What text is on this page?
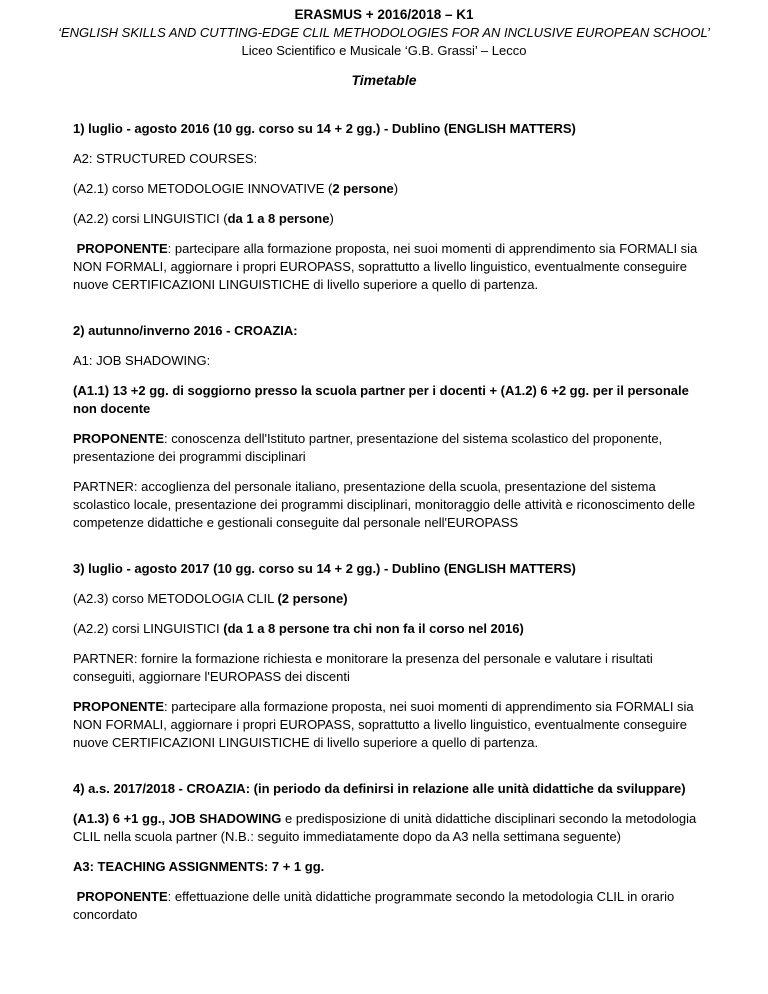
ERASMUS + 2016/2018 – K1
‘ENGLISH SKILLS AND CUTTING-EDGE CLIL METHODOLOGIES FOR AN INCLUSIVE EUROPEAN SCHOOL’
Liceo Scientifico e Musicale ‘G.B. Grassi’ – Lecco
Timetable

1) luglio - agosto 2016 (10 gg. corso su 14 + 2 gg.) - Dublino (ENGLISH MATTERS)

A2: STRUCTURED COURSES:

(A2.1) corso METODOLOGIE INNOVATIVE (2 persone)

(A2.2) corsi LINGUISTICI (da 1 a 8 persone)

PROPONENTE: partecipare alla formazione proposta, nei suoi momenti di apprendimento sia FORMALI sia NON FORMALI, aggiornare i propri EUROPASS, soprattutto a livello linguistico, eventualmente conseguire nuove CERTIFICAZIONI LINGUISTICHE di livello superiore a quello di partenza.

2) autunno/inverno 2016 - CROAZIA:

A1: JOB SHADOWING:

(A1.1) 13 +2 gg. di soggiorno presso la scuola partner per i docenti + (A1.2) 6 +2 gg. per il personale non docente

PROPONENTE: conoscenza dell'Istituto partner, presentazione del sistema scolastico del proponente, presentazione dei programmi disciplinari

PARTNER: accoglienza del personale italiano, presentazione della scuola, presentazione del sistema scolastico locale, presentazione dei programmi disciplinari, monitoraggio delle attività e riconoscimento delle competenze didattiche e gestionali conseguite dal personale nell'EUROPASS

3) luglio - agosto 2017 (10 gg. corso su 14 + 2 gg.) - Dublino (ENGLISH MATTERS)

(A2.3) corso METODOLOGIA CLIL (2 persone)

(A2.2) corsi LINGUISTICI (da 1 a 8 persone tra chi non fa il corso nel 2016)

PARTNER: fornire la formazione richiesta e monitorare la presenza del personale e valutare i risultati conseguiti, aggiornare l'EUROPASS dei discenti

PROPONENTE: partecipare alla formazione proposta, nei suoi momenti di apprendimento sia FORMALI sia NON FORMALI, aggiornare i propri EUROPASS, soprattutto a livello linguistico, eventualmente conseguire nuove CERTIFICAZIONI LINGUISTICHE di livello superiore a quello di partenza.

4) a.s. 2017/2018 - CROAZIA: (in periodo da definirsi in relazione alle unità didattiche da sviluppare)

(A1.3) 6 +1 gg., JOB SHADOWING e predisposizione di unità didattiche disciplinari secondo la metodologia CLIL nella scuola partner (N.B.: seguito immediatamente dopo da A3 nella settimana seguente)

A3: TEACHING ASSIGNMENTS: 7 + 1 gg.

PROPONENTE: effettuazione delle unità didattiche programmate secondo la metodologia CLIL in orario concordato
